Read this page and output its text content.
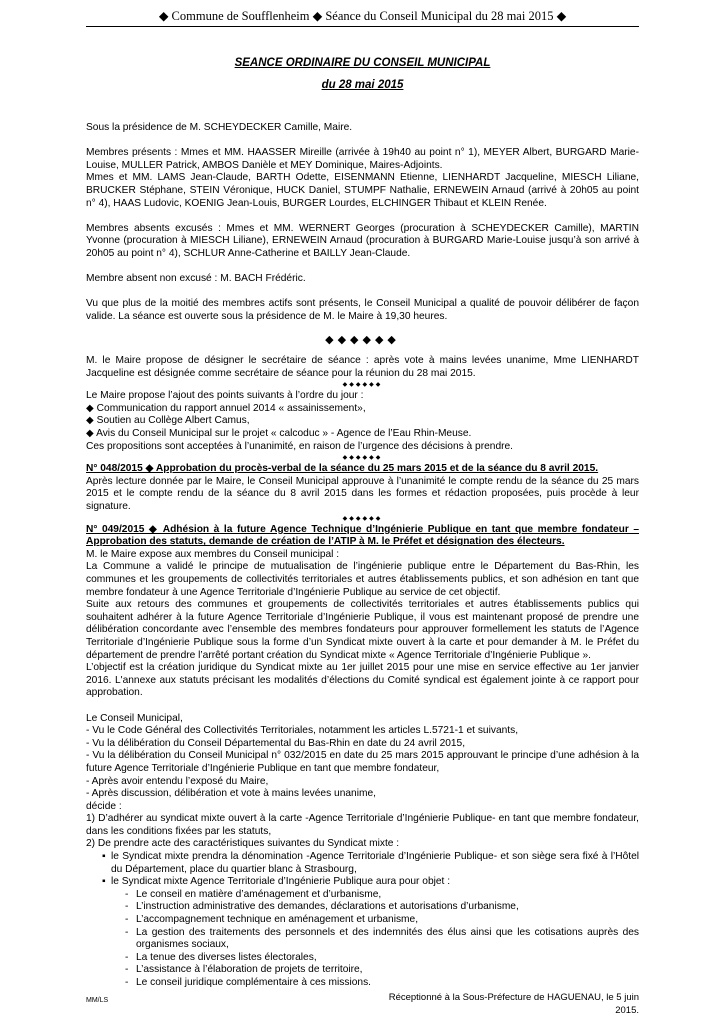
◆ Commune de Soufflenheim ◆ Séance du Conseil Municipal du 28 mai 2015 ◆
SEANCE ORDINAIRE DU CONSEIL MUNICIPAL
du 28 mai 2015

Sous la présidence de M. SCHEYDECKER Camille, Maire.

Membres présents : Mmes et MM. HAASSER Mireille (arrivée à 19h40 au point n° 1), MEYER Albert, BURGARD Marie-Louise, MULLER Patrick, AMBOS Danièle et MEY Dominique, Maires-Adjoints.

Mmes et MM. LAMS Jean-Claude, BARTH Odette, EISENMANN Etienne, LIENHARDT Jacqueline, MIESCH Liliane, BRUCKER Stéphane, STEIN Véronique, HUCK Daniel, STUMPF Nathalie, ERNEWEIN Arnaud (arrivé à 20h05 au point n° 4), HAAS Ludovic, KOENIG Jean-Louis, BURGER Lourdes, ELCHINGER Thibaut et KLEIN Renée.

Membres absents excusés : Mmes et MM. WERNERT Georges (procuration à SCHEYDECKER Camille), MARTIN Yvonne (procuration à MIESCH Liliane), ERNEWEIN Arnaud (procuration à BURGARD Marie-Louise jusqu’à son arrivé à 20h05 au point n° 4), SCHLUR Anne-Catherine et BAILLY Jean-Claude.

Membre absent non excusé : M. BACH Frédéric.

Vu que plus de la moitié des membres actifs sont présents, le Conseil Municipal a qualité de pouvoir délibérer de façon valide. La séance est ouverte sous la présidence de M. le Maire à 19,30 heures.

◆◆◆◆◆◆

M. le Maire propose de désigner le secrétaire de séance : après vote à mains levées unanime, Mme LIENHARDT Jacqueline est désignée comme secrétaire de séance pour la réunion du 28 mai 2015.

◆◆◆◆◆◆

Le Maire propose l’ajout des points suivants à l’ordre du jour :

◆ Communication du rapport annuel 2014 « assainissement»,

◆ Soutien au Collège Albert Camus,

◆ Avis du Conseil Municipal sur le projet « calcoduc » - Agence de l’Eau Rhin-Meuse.

Ces propositions sont acceptées à l’unanimité, en raison de l’urgence des décisions à prendre.

◆◆◆◆◆◆

N° 048/2015 ◆ Approbation du procès-verbal de la séance du 25 mars 2015 et de la séance du 8 avril 2015.

Après lecture donnée par le Maire, le Conseil Municipal approuve à l’unanimité le compte rendu de la séance du 25 mars 2015 et le compte rendu de la séance du 8 avril 2015 dans les formes et rédaction proposées, puis procède à leur signature.

◆◆◆◆◆◆

N° 049/2015 ◆ Adhésion à la future Agence Technique d’Ingénierie Publique en tant que membre fondateur – Approbation des statuts, demande de création de l’ATIP à M. le Préfet et désignation des électeurs.

M. le Maire expose aux membres du Conseil municipal :

La Commune a validé le principe de mutualisation de l’ingénierie publique entre le Département du Bas-Rhin, les communes et les groupements de collectivités territoriales et autres établissements publics, et son adhésion en tant que membre fondateur à une Agence Territoriale d’Ingénierie Publique au service de cet objectif.

Suite aux retours des communes et groupements de collectivités territoriales et autres établissements publics qui souhaitent adhérer à la future Agence Territoriale d’Ingénierie Publique, il vous est maintenant proposé de prendre une délibération concordante avec l’ensemble des membres fondateurs pour approuver formellement les statuts de l’Agence Territoriale d’Ingénierie Publique sous la forme d’un Syndicat mixte ouvert à la carte et pour demander à M. le Préfet du département de prendre l’arrêté portant création du Syndicat mixte « Agence Territoriale d’Ingénierie Publique ».

L’objectif est la création juridique du Syndicat mixte au 1er juillet 2015 pour une mise en service effective au 1er janvier 2016. L'annexe aux statuts précisant les modalités d’élections du Comité syndical est également jointe à ce rapport pour approbation.

Le Conseil Municipal,

- Vu le Code Général des Collectivités Territoriales, notamment les articles L.5721-1 et suivants,

- Vu la délibération du Conseil Départemental du Bas-Rhin en date du 24 avril 2015,

- Vu la délibération du Conseil Municipal n° 032/2015 en date du 25 mars 2015 approuvant le principe d’une adhésion à la future Agence Territoriale d’Ingénierie Publique en tant que membre fondateur,

- Après avoir entendu l’exposé du Maire,

- Après discussion, délibération et vote à mains levées unanime,

décide :

1) D’adhérer au syndicat mixte ouvert à la carte -Agence Territoriale d’Ingénierie Publique- en tant que membre fondateur, dans les conditions fixées par les statuts,

2) De prendre acte des caractéristiques suivantes du Syndicat mixte :

▪ le Syndicat mixte prendra la dénomination -Agence Territoriale d’Ingénierie Publique- et son siège sera fixé à l’Hôtel du Département, place du quartier blanc à Strasbourg,
▪ le Syndicat mixte Agence Territoriale d’Ingénierie Publique aura pour objet :
- Le conseil en matière d’aménagement et d’urbanisme,
- L’instruction administrative des demandes, déclarations et autorisations d’urbanisme,
- L’accompagnement technique en aménagement et urbanisme,
- La gestion des traitements des personnels et des indemnités des élus ainsi que les cotisations auprès des organismes sociaux,
- La tenue des diverses listes électorales,
- L’assistance à l’élaboration de projets de territoire,
- Le conseil juridique complémentaire à ces missions.
MM/LS	Réceptionné à la Sous-Préfecture de HAGUENAU, le 5 juin 2015.
